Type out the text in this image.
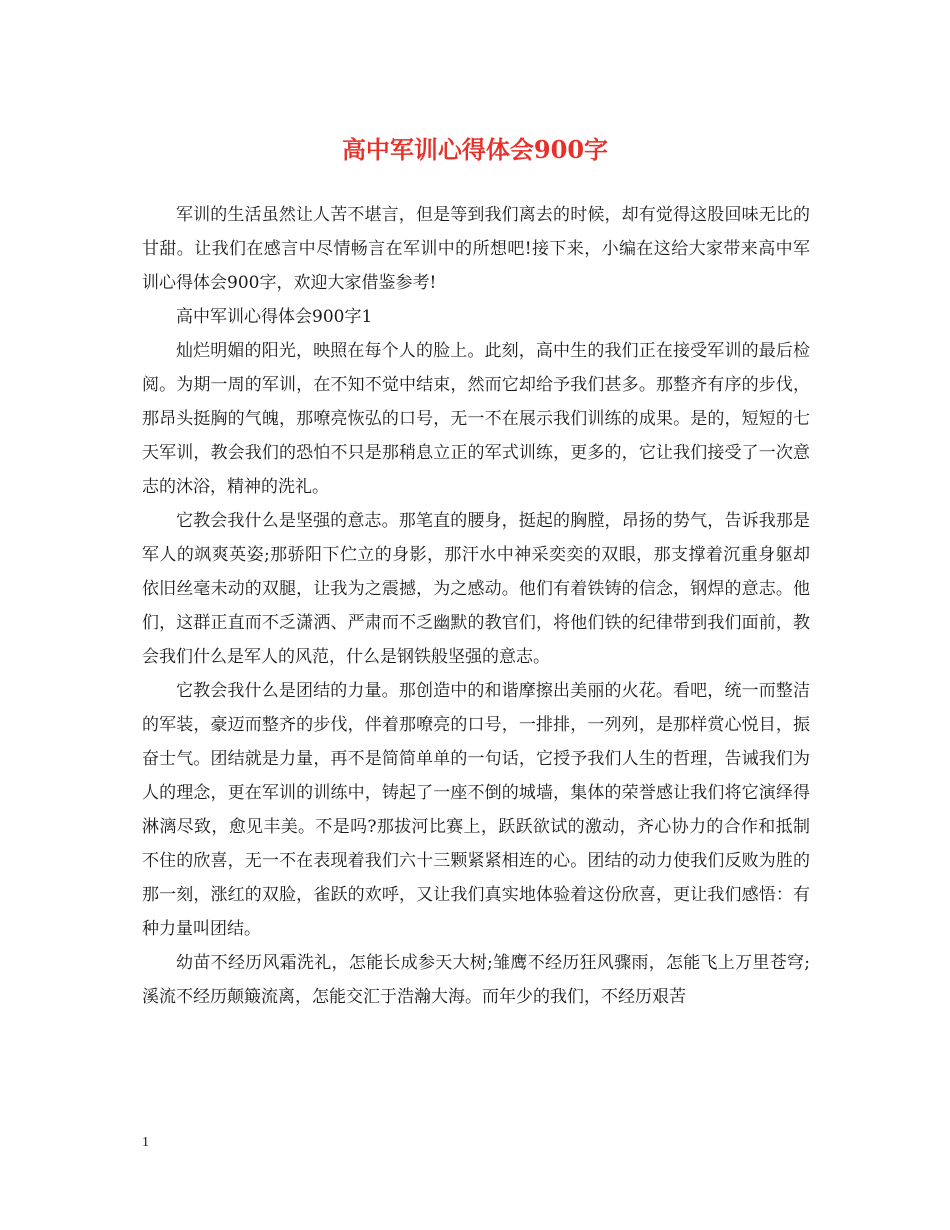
高中军训心得体会900字

军训的生活虽然让人苦不堪言，但是等到我们离去的时候，却有觉得这股回味无比的甘甜。让我们在感言中尽情畅言在军训中的所想吧!接下来，小编在这给大家带来高中军训心得体会900字，欢迎大家借鉴参考!

高中军训心得体会900字1

灿烂明媚的阳光，映照在每个人的脸上。此刻，高中生的我们正在接受军训的最后检阅。为期一周的军训，在不知不觉中结束，然而它却给予我们甚多。那整齐有序的步伐，那昂头挺胸的气魄，那嘹亮恢弘的口号，无一不在展示我们训练的成果。是的，短短的七天军训，教会我们的恐怕不只是那稍息立正的军式训练，更多的，它让我们接受了一次意志的沐浴，精神的洗礼。

它教会我什么是坚强的意志。那笔直的腰身，挺起的胸膛，昂扬的势气，告诉我那是军人的飒爽英姿;那骄阳下伫立的身影，那汗水中神采奕奕的双眼，那支撑着沉重身躯却依旧丝毫未动的双腿，让我为之震撼，为之感动。他们有着铁铸的信念，钢焊的意志。他们，这群正直而不乏潇洒、严肃而不乏幽默的教官们，将他们铁的纪律带到我们面前，教会我们什么是军人的风范，什么是钢铁般坚强的意志。

它教会我什么是团结的力量。那创造中的和谐摩擦出美丽的火花。看吧，统一而整洁的军装，豪迈而整齐的步伐，伴着那嘹亮的口号，一排排，一列列，是那样赏心悦目，振奋士气。团结就是力量，再不是简简单单的一句话，它授予我们人生的哲理，告诫我们为人的理念，更在军训的训练中，铸起了一座不倒的城墙，集体的荣誉感让我们将它演绎得淋漓尽致，愈见丰美。不是吗?那拔河比赛上，跃跃欲试的激动，齐心协力的合作和抵制不住的欣喜，无一不在表现着我们六十三颗紧紧相连的心。团结的动力使我们反败为胜的那一刻，涨红的双脸，雀跃的欢呼，又让我们真实地体验着这份欣喜，更让我们感悟：有种力量叫团结。

幼苗不经历风霜洗礼，怎能长成参天大树;雏鹰不经历狂风骤雨，怎能飞上万里苍穹;溪流不经历颠簸流离，怎能交汇于浩瀚大海。而年少的我们，不经历艰苦

1
